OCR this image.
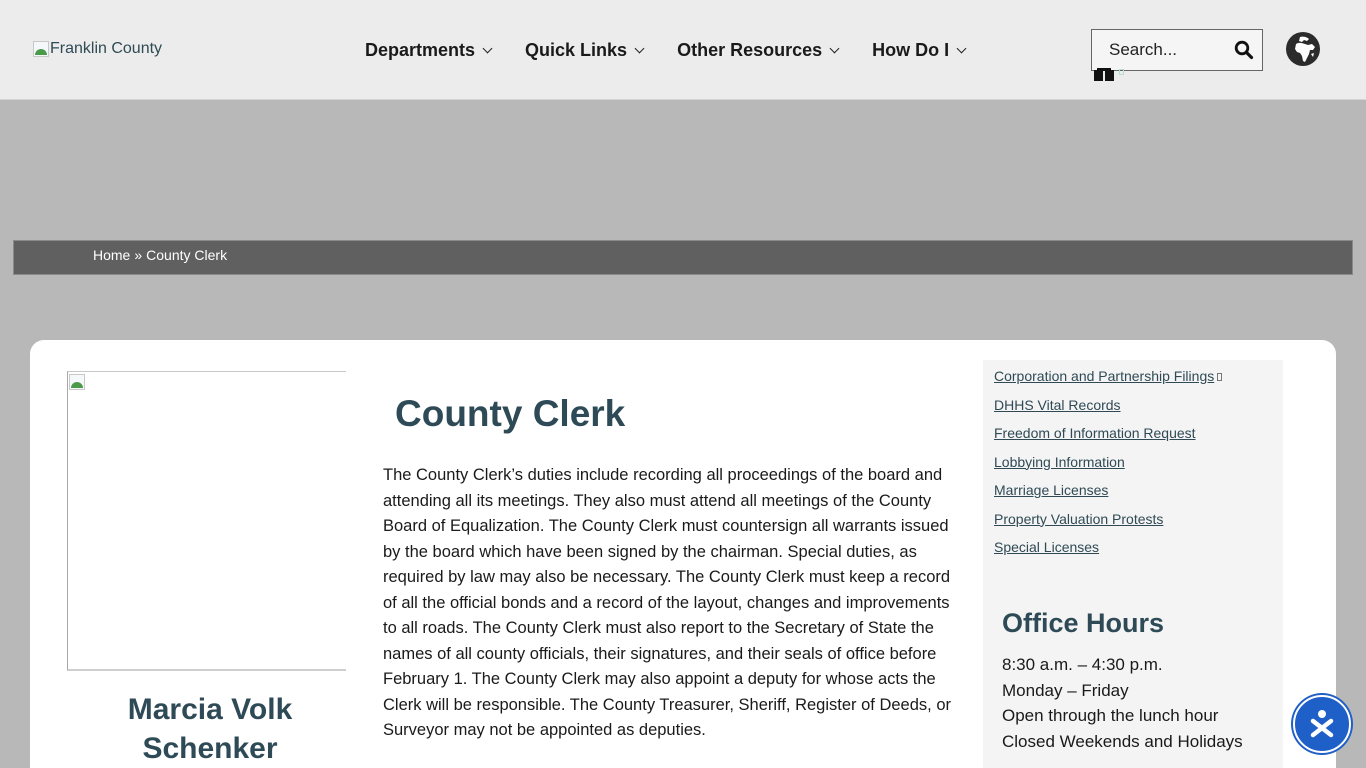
Franklin County	Departments	Quick Links	Other Resources	How Do I
Search...
Home » County Clerk
Marcia Volk Schenker
County Clerk

The County Clerk’s duties include recording all proceedings of the board and attending all its meetings. They also must attend all meetings of the County Board of Equalization. The County Clerk must countersign all warrants issued by the board which have been signed by the chairman. Special duties, as required by law may also be necessary. The County Clerk must keep a record of all the official bonds and a record of the layout, changes and improvements to all roads. The County Clerk must also report to the Secretary of State the names of all county officials, their signatures, and their seals of office before February 1. The County Clerk may also appoint a deputy for whose acts the Clerk will be responsible. The County Treasurer, Sheriff, Register of Deeds, or Surveyor may not be appointed as deputies.

Corporation and Partnership Filings
DHHS Vital Records
Freedom of Information Request
Lobbying Information
Marriage Licenses
Property Valuation Protests
Special Licenses
Office Hours
8:30 a.m. – 4:30 p.m.
Monday – Friday
Open through the lunch hour
Closed Weekends and Holidays
